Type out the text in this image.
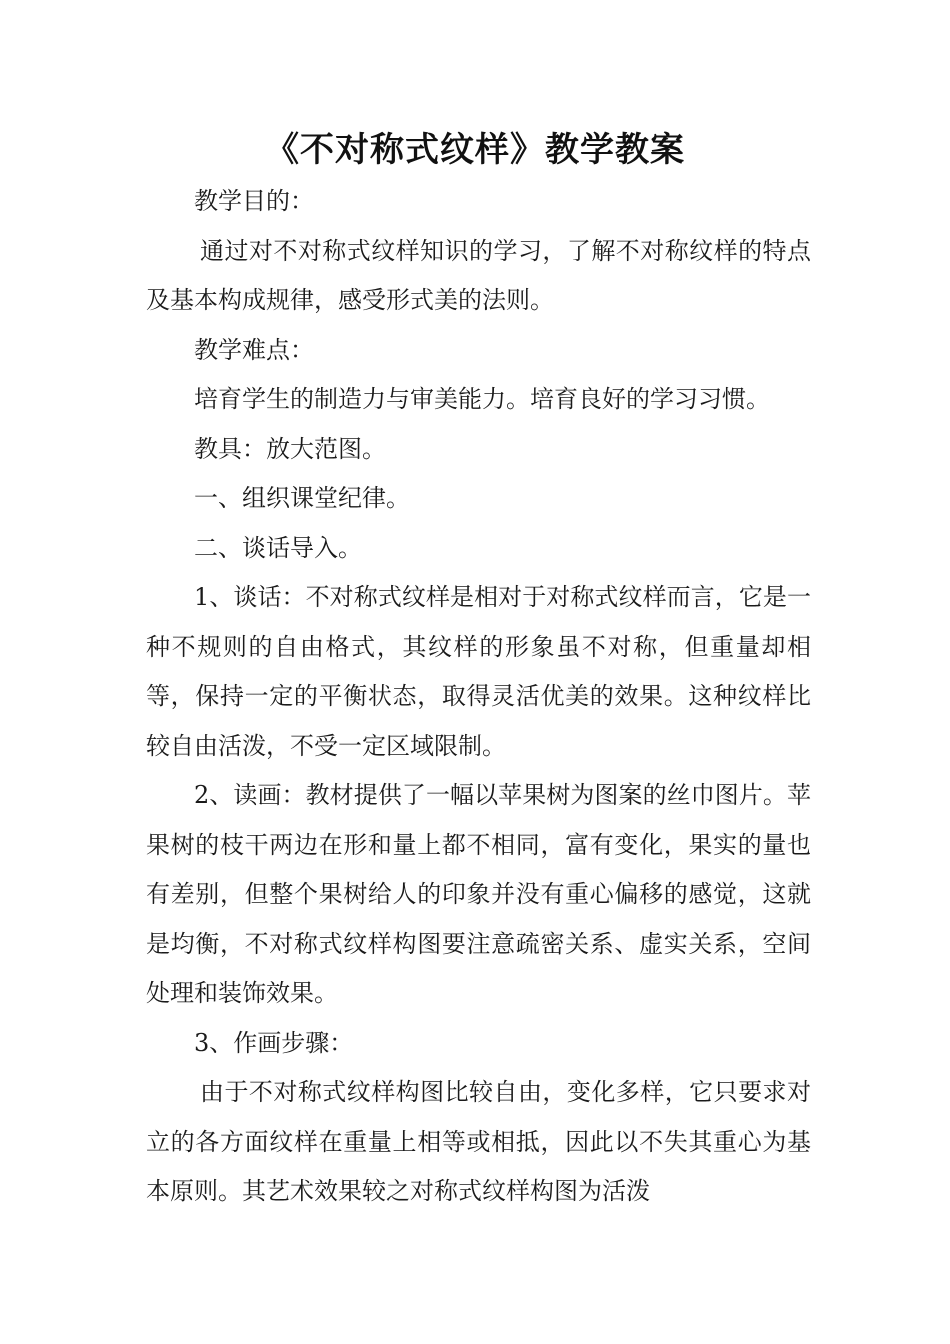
《不对称式纹样》教学教案

教学目的：

通过对不对称式纹样知识的学习，了解不对称纹样的特点及基本构成规律，感受形式美的法则。

教学难点：

培育学生的制造力与审美能力。培育良好的学习习惯。

教具：放大范图。

一、组织课堂纪律。

二、谈话导入。

1、谈话：不对称式纹样是相对于对称式纹样而言，它是一种不规则的自由格式，其纹样的形象虽不对称，但重量却相等，保持一定的平衡状态，取得灵活优美的效果。这种纹样比较自由活泼，不受一定区域限制。

2、读画：教材提供了一幅以苹果树为图案的丝巾图片。苹果树的枝干两边在形和量上都不相同，富有变化，果实的量也有差别，但整个果树给人的印象并没有重心偏移的感觉，这就是均衡，不对称式纹样构图要注意疏密关系、虚实关系，空间处理和装饰效果。

3、作画步骤：

由于不对称式纹样构图比较自由，变化多样，它只要求对立的各方面纹样在重量上相等或相抵，因此以不失其重心为基本原则。其艺术效果较之对称式纹样构图为活泼
